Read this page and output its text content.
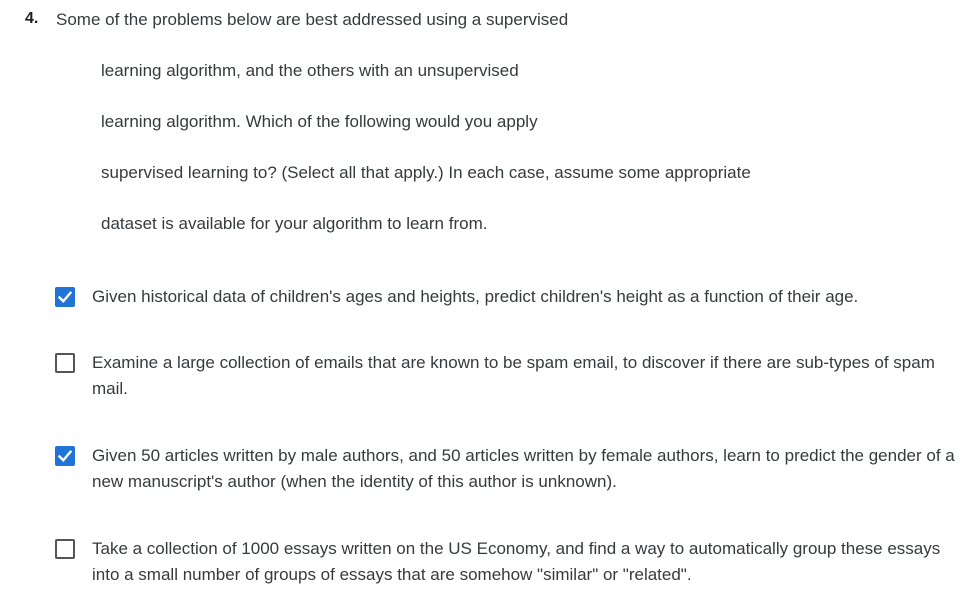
4. Some of the problems below are best addressed using a supervised
learning algorithm, and the others with an unsupervised
learning algorithm. Which of the following would you apply
supervised learning to? (Select all that apply.) In each case, assume some appropriate
dataset is available for your algorithm to learn from.
Given historical data of children's ages and heights, predict children's height as a function of their age.
Examine a large collection of emails that are known to be spam email, to discover if there are sub-types of spam mail.
Given 50 articles written by male authors, and 50 articles written by female authors, learn to predict the gender of a new manuscript's author (when the identity of this author is unknown).
Take a collection of 1000 essays written on the US Economy, and find a way to automatically group these essays into a small number of groups of essays that are somehow "similar" or "related".
